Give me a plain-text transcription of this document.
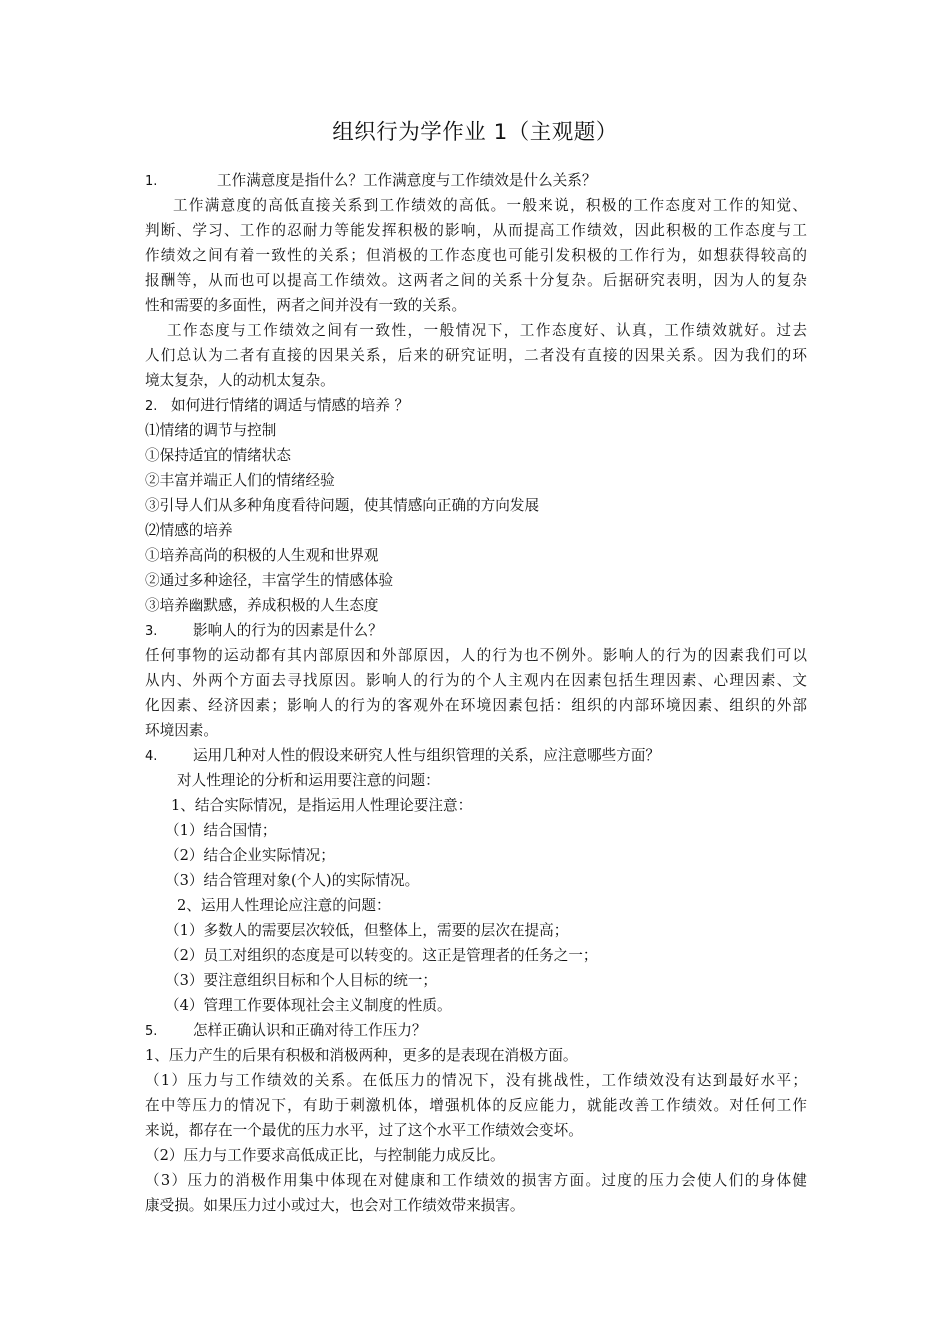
组织行为学作业 1（主观题）
1.	工作满意度是指什么？工作满意度与工作绩效是什么关系？
工作满意度的高低直接关系到工作绩效的高低。一般来说，积极的工作态度对工作的知觉、
判断、学习、工作的忍耐力等能发挥积极的影响，从而提高工作绩效，因此积极的工作态度与工
作绩效之间有着一致性的关系；但消极的工作态度也可能引发积极的工作行为，如想获得较高的
报酬等，从而也可以提高工作绩效。这两者之间的关系十分复杂。后据研究表明，因为人的复杂
性和需要的多面性，两者之间并没有一致的关系。
工作态度与工作绩效之间有一致性，一般情况下，工作态度好、认真，工作绩效就好。过去
人们总认为二者有直接的因果关系，后来的研究证明，二者没有直接的因果关系。因为我们的环
境太复杂，人的动机太复杂。
2. 如何进行情绪的调适与情感的培养 ？
⑴情绪的调节与控制
①保持适宜的情绪状态
②丰富并端正人们的情绪经验
③引导人们从多种角度看待问题，使其情感向正确的方向发展
⑵情感的培养
①培养高尚的积极的人生观和世界观
②通过多种途径，丰富学生的情感体验
③培养幽默感，养成积极的人生态度
3. 影响人的行为的因素是什么？
任何事物的运动都有其内部原因和外部原因，人的行为也不例外。影响人的行为的因素我们可以
从内、外两个方面去寻找原因。影响人的行为的个人主观内在因素包括生理因素、心理因素、文
化因素、经济因素；影响人的行为的客观外在环境因素包括：组织的内部环境因素、组织的外部
环境因素。
4. 运用几种对人性的假设来研究人性与组织管理的关系，应注意哪些方面？
对人性理论的分析和运用要注意的问题：
1、结合实际情况，是指运用人性理论要注意：
（1）结合国情；
（2）结合企业实际情况；
（3）结合管理对象(个人)的实际情况。
2、运用人性理论应注意的问题：
（1）多数人的需要层次较低，但整体上，需要的层次在提高；
（2）员工对组织的态度是可以转变的。这正是管理者的任务之一；
（3）要注意组织目标和个人目标的统一；
（4）管理工作要体现社会主义制度的性质。
5. 怎样正确认识和正确对待工作压力？
1、压力产生的后果有积极和消极两种，更多的是表现在消极方面。
（1）压力与工作绩效的关系。在低压力的情况下，没有挑战性，工作绩效没有达到最好水平；
在中等压力的情况下，有助于刺激机体，增强机体的反应能力，就能改善工作绩效。对任何工作
来说，都存在一个最优的压力水平，过了这个水平工作绩效会变坏。
（2）压力与工作要求高低成正比，与控制能力成反比。
（3）压力的消极作用集中体现在对健康和工作绩效的损害方面。过度的压力会使人们的身体健
康受损。如果压力过小或过大，也会对工作绩效带来损害。
